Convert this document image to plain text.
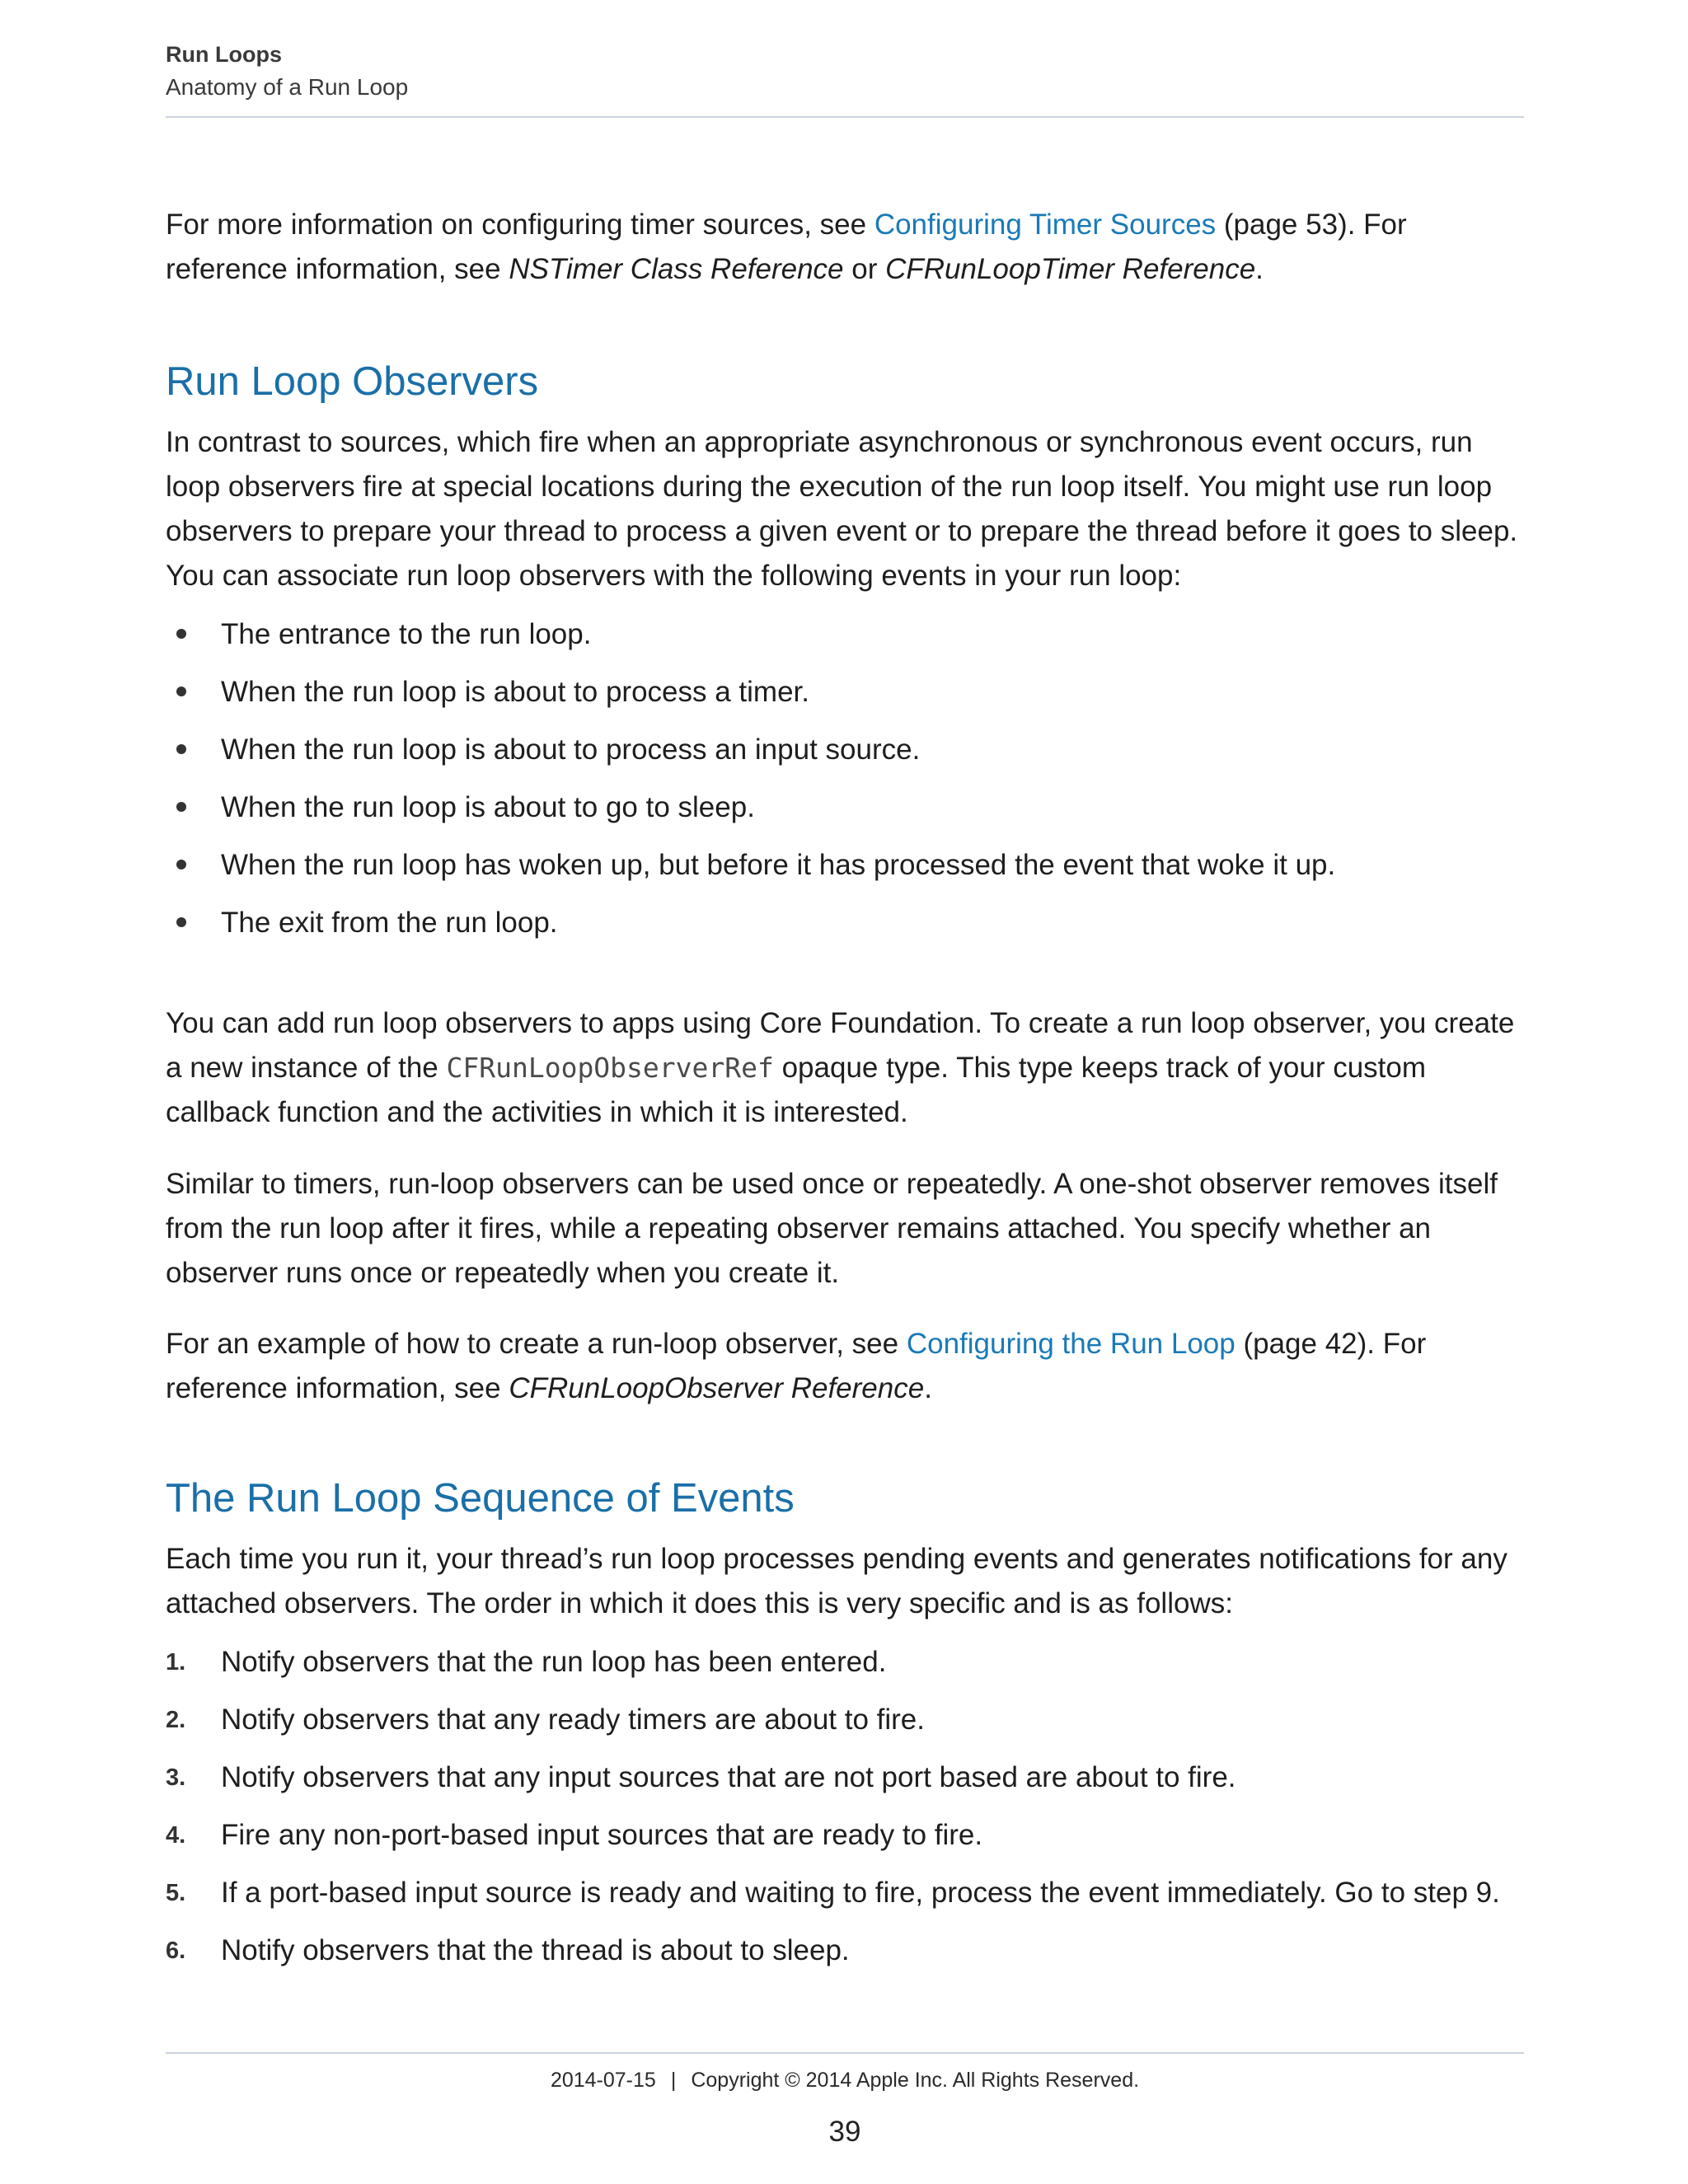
Run Loops
Anatomy of a Run Loop
For more information on configuring timer sources, see Configuring Timer Sources (page 53). For reference information, see NSTimer Class Reference or CFRunLoopTimer Reference.
Run Loop Observers

In contrast to sources, which fire when an appropriate asynchronous or synchronous event occurs, run loop observers fire at special locations during the execution of the run loop itself. You might use run loop observers to prepare your thread to process a given event or to prepare the thread before it goes to sleep. You can associate run loop observers with the following events in your run loop:

The entrance to the run loop.
When the run loop is about to process a timer.
When the run loop is about to process an input source.
When the run loop is about to go to sleep.
When the run loop has woken up, but before it has processed the event that woke it up.
The exit from the run loop.
You can add run loop observers to apps using Core Foundation. To create a run loop observer, you create a new instance of the CFRunLoopObserverRef opaque type. This type keeps track of your custom callback function and the activities in which it is interested.

Similar to timers, run-loop observers can be used once or repeatedly. A one-shot observer removes itself from the run loop after it fires, while a repeating observer remains attached. You specify whether an observer runs once or repeatedly when you create it.

For an example of how to create a run-loop observer, see Configuring the Run Loop (page 42). For reference information, see CFRunLoopObserver Reference.
The Run Loop Sequence of Events

Each time you run it, your thread’s run loop processes pending events and generates notifications for any attached observers. The order in which it does this is very specific and is as follows:

1. Notify observers that the run loop has been entered.
2. Notify observers that any ready timers are about to fire.
3. Notify observers that any input sources that are not port based are about to fire.
4. Fire any non-port-based input sources that are ready to fire.
5. If a port-based input source is ready and waiting to fire, process the event immediately. Go to step 9.
6. Notify observers that the thread is about to sleep.
2014-07-15 | Copyright © 2014 Apple Inc. All Rights Reserved.
39
